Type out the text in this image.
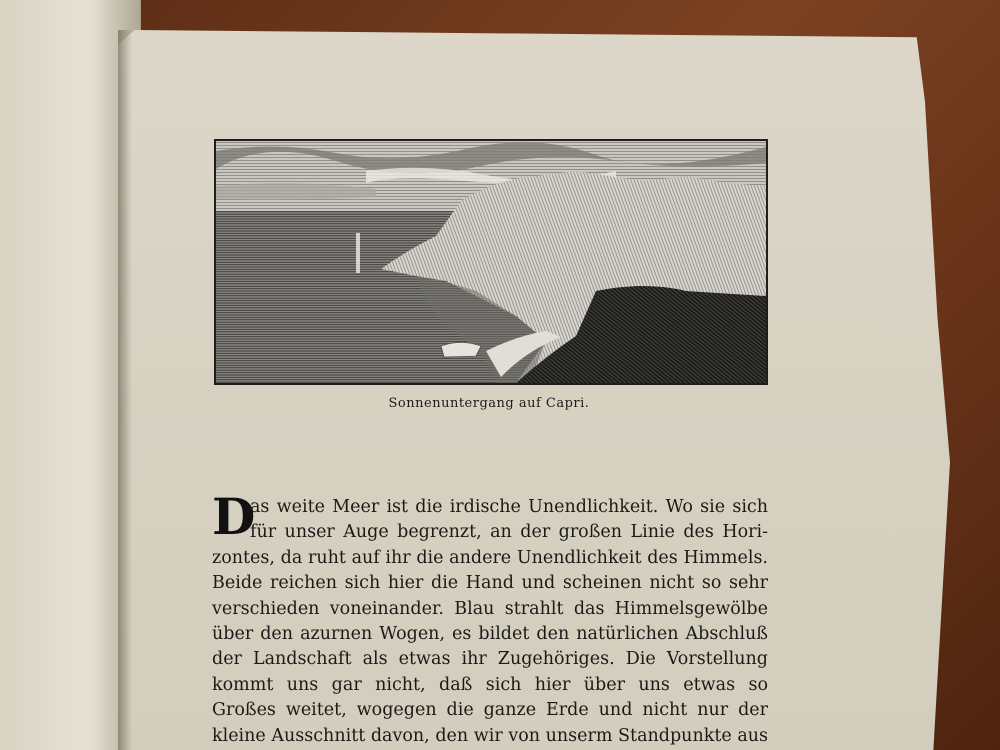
Sonnenuntergang auf Capri.
D
as weite Meer ist die irdische Unendlichkeit. Wo sie sich
für unser Auge begrenzt, an der großen Linie des Hori-
zontes, da ruht auf ihr die andere Unendlichkeit des Himmels.
Beide reichen sich hier die Hand und scheinen nicht so sehr
verschieden voneinander. Blau strahlt das Himmelsgewölbe
über den azurnen Wogen, es bildet den natürlichen Abschluß
der Landschaft als etwas ihr Zugehöriges. Die Vorstellung
kommt uns gar nicht, daß sich hier über uns etwas so
Großes weitet, wogegen die ganze Erde und nicht nur der
kleine Ausschnitt davon, den wir von unserm Standpunkte aus
